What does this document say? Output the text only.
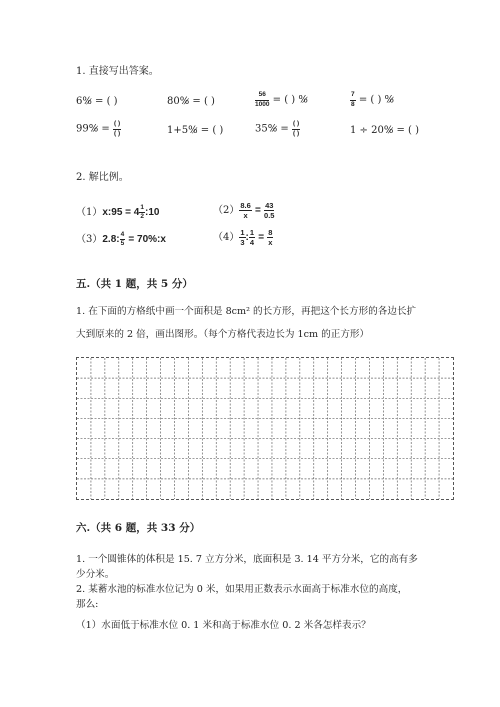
1. 直接写出答案。
6%̷ = ( )	80%̷ = ( )	$\frac{56}{1000}$ = ( ) %̷	$\frac{7}{8}$ = ( ) %̷
99%̷ = $\frac{( )}{( )}$	1+5%̷ = ( )	35%̷ = $\frac{( )}{( )}$	1 ÷ 20%̷ = ( )
2. 解比例。
（1）x:95 = $4 \frac{1}{2}$ :10	$(2) \frac{8.6}{x} = \frac{43}{0.5}$
（3）2.8: $\frac{4}{5}$ = 70%:x	$(4) \frac{1}{3}$ : $\frac{1}{4} = \frac{8}{x}$
五.（共 1 题，共 5 分）
1. 在下面的方格纸中画一个面积是 8cm² 的长方形，再把这个长方形的各边长扩
大到原来的 2 倍，画出图形。（每个方格代表边长为 1cm 的正方形）
六.（共 6 题，共 33 分）
1. 一个圆锥体的体积是 15. 7 立方分米，底面积是 3. 14 平方分米，它的高有多
少分米。
2. 某蓄水池的标准水位记为 0 米，如果用正数表示水面高于标准水位的高度，
那么:
（1）水面低于标准水位 0. 1 米和高于标准水位 0. 2 米各怎样表示？
